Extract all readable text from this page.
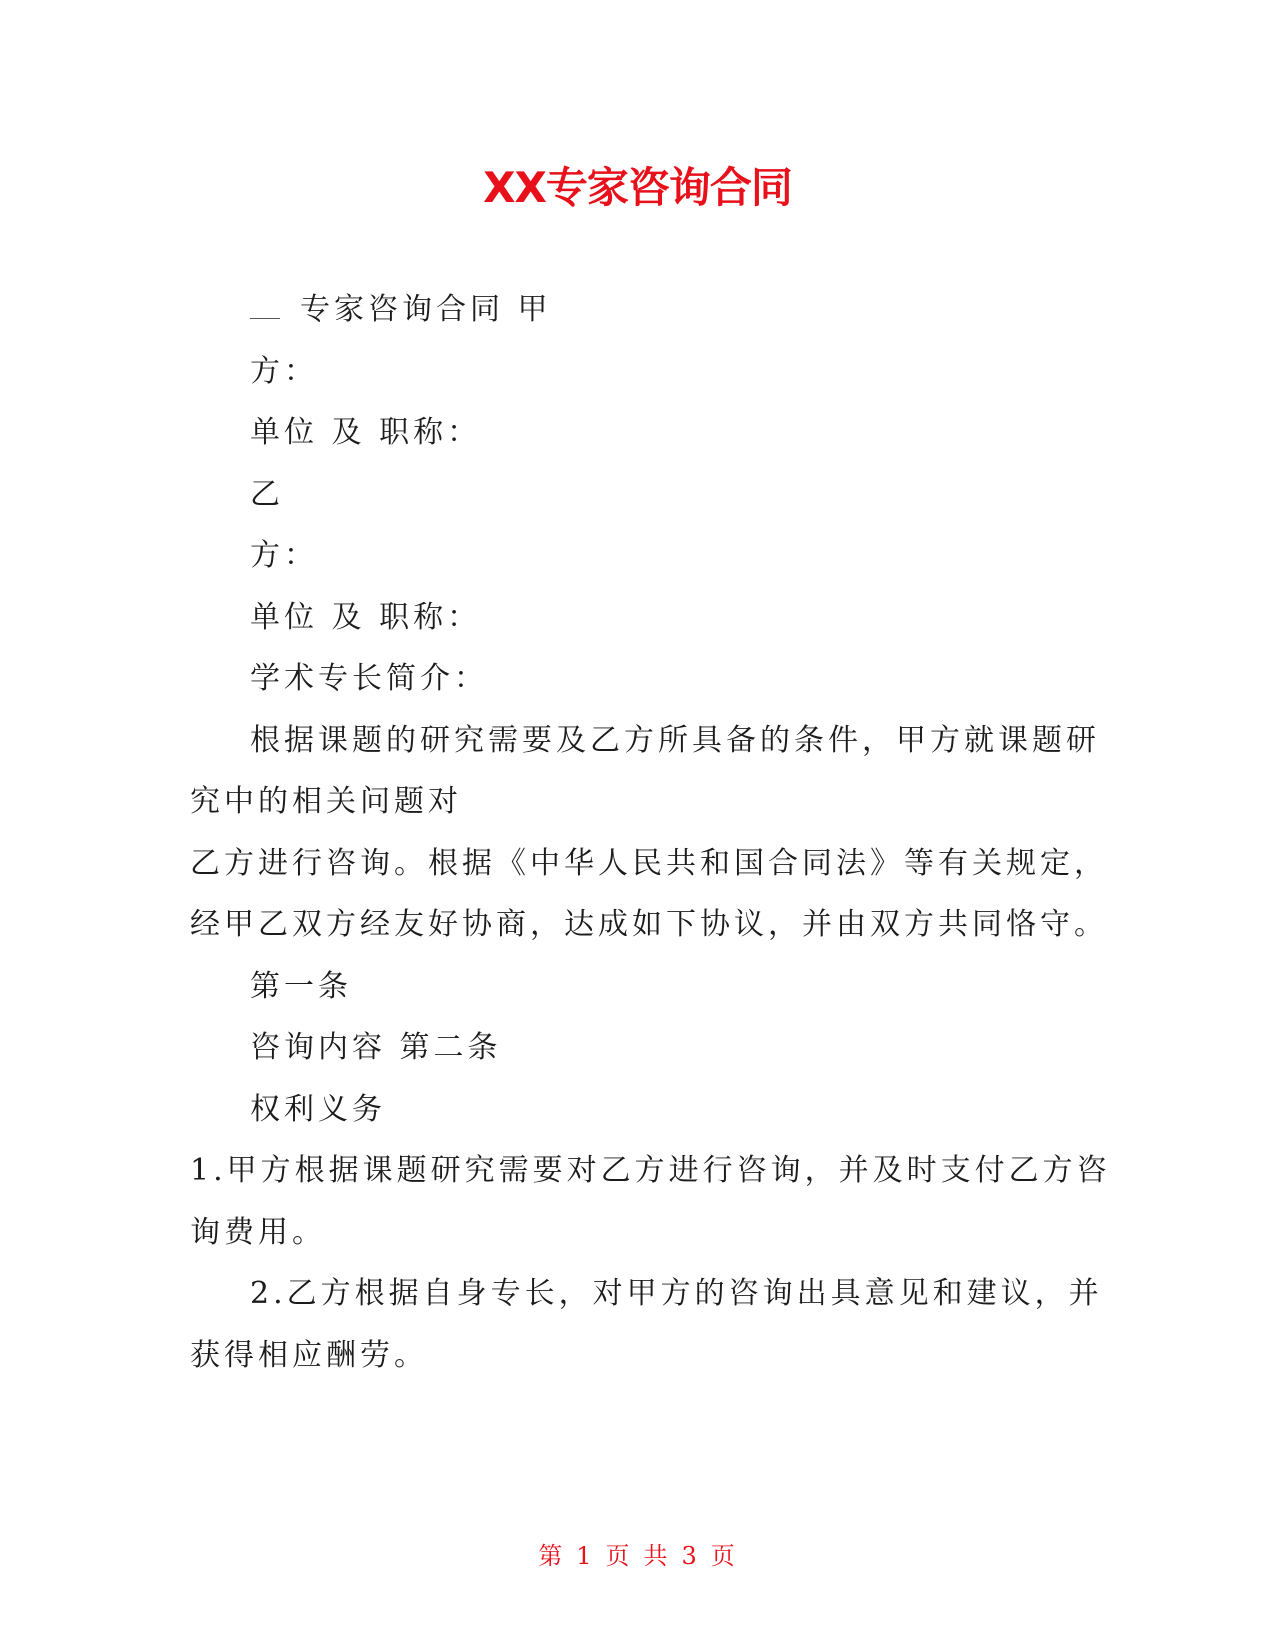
XX专家咨询合同
专家咨询合同 甲
方：
单位 及 职称：
乙
方：
单位 及 职称：
学术专长简介：
根据课题的研究需要及乙方所具备的条件，甲方就课题研
究中的相关问题对
乙方进行咨询。根据《中华人民共和国合同法》等有关规定，
经甲乙双方经友好协商，达成如下协议，并由双方共同恪守。
第一条
咨询内容 第二条
权利义务
1.甲方根据课题研究需要对乙方进行咨询，并及时支付乙方咨
询费用。
2.乙方根据自身专长，对甲方的咨询出具意见和建议，并
获得相应酬劳。
第 1 页 共 3 页
